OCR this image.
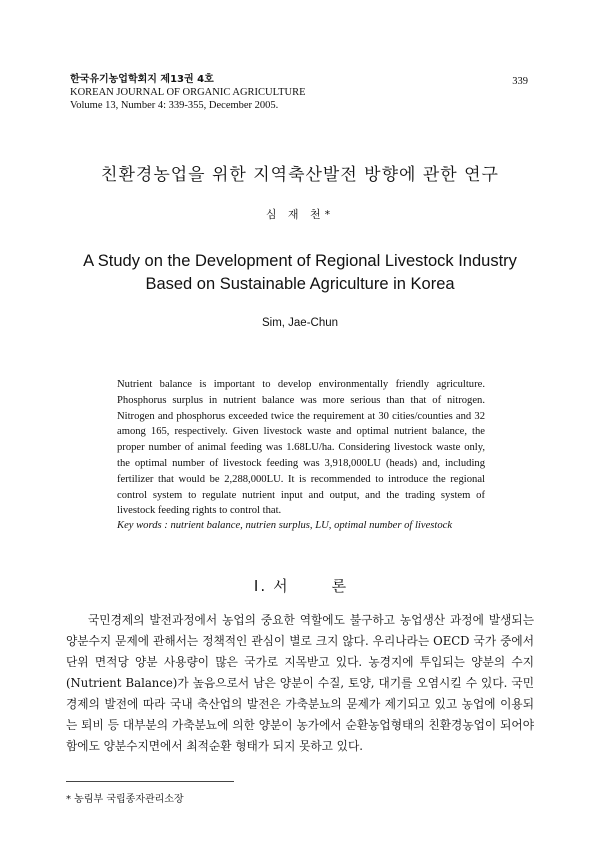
한국유기농업학회지 제13권 4호
KOREAN JOURNAL OF ORGANIC AGRICULTURE
Volume 13, Number 4: 339-355, December 2005.
339
친환경농업을 위한 지역축산발전 방향에 관한 연구
심 재 천*
A Study on the Development of Regional Livestock Industry
Based on Sustainable Agriculture in Korea
Sim, Jae-Chun

Nutrient balance is important to develop environmentally friendly agriculture. Phosphorus surplus in nutrient balance was more serious than that of nitrogen. Nitrogen and phosphorus exceeded twice the requirement at 30 cities/counties and 32 among 165, respectively. Given livestock waste and optimal nutrient balance, the proper number of animal feeding was 1.68LU/ha. Considering livestock waste only, the optimal number of livestock feeding was 3,918,000LU (heads) and, including fertilizer that would be 2,288,000LU. It is recommended to introduce the regional control system to regulate nutrient input and output, and the trading system of livestock feeding rights to control that.

Key words : nutrient balance, nutrien surplus, LU, optimal number of livestock

I. 서	론

국민경제의 발전과정에서 농업의 중요한 역할에도 불구하고 농업생산 과정에 발생되는 양분수지 문제에 관해서는 정책적인 관심이 별로 크지 않다. 우리나라는 OECD 국가 중에서 단위 면적당 양분 사용량이 많은 국가로 지목받고 있다. 농경지에 투입되는 양분의 수지(Nutrient Balance)가 높음으로서 남은 양분이 수질, 토양, 대기를 오염시킬 수 있다. 국민경제의 발전에 따라 국내 축산업의 발전은 가축분뇨의 문제가 제기되고 있고 농업에 이용되는 퇴비 등 대부분의 가축분뇨에 의한 양분이 농가에서 순환농업형태의 친환경농업이 되어야 함에도 양분수지면에서 최적순환 형태가 되지 못하고 있다.

* 농림부 국립종자관리소장
